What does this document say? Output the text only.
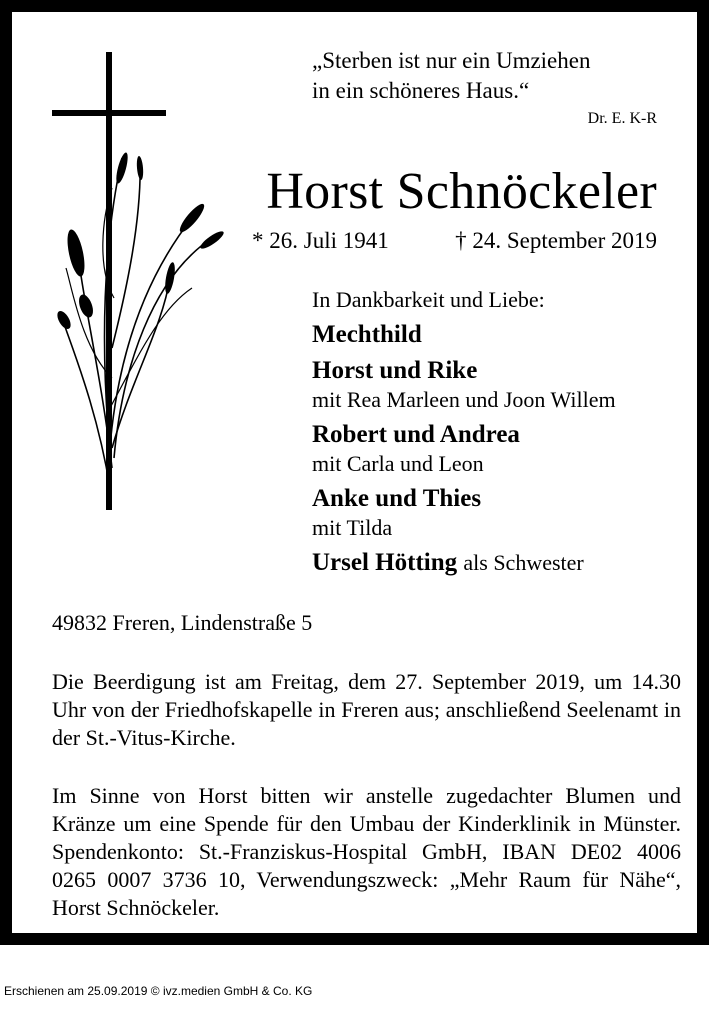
„Sterben ist nur ein Umziehen
in ein schöneres Haus.“
Dr. E. K-R
Horst Schnöckeler
* 26. Juli 1941	† 24. September 2019
In Dankbarkeit und Liebe:
Mechthild
Horst und Rike
mit Rea Marleen und Joon Willem
Robert und Andrea
mit Carla und Leon
Anke und Thies
mit Tilda
Ursel Hötting als Schwester
49832 Freren, Lindenstraße 5
Die Beerdigung ist am Freitag, dem 27. September 2019, um 14.30 Uhr von der Friedhofskapelle in Freren aus; anschließend Seelenamt in der St.-Vitus-Kirche.
Im Sinne von Horst bitten wir anstelle zugedachter Blumen und Kränze um eine Spende für den Umbau der Kinderklinik in Münster. Spendenkonto: St.-Franziskus-Hospital GmbH, IBAN DE02 4006 0265 0007 3736 10, Verwendungszweck: „Mehr Raum für Nähe“, Horst Schnöckeler.
Erschienen am 25.09.2019 © ivz.medien GmbH & Co. KG
